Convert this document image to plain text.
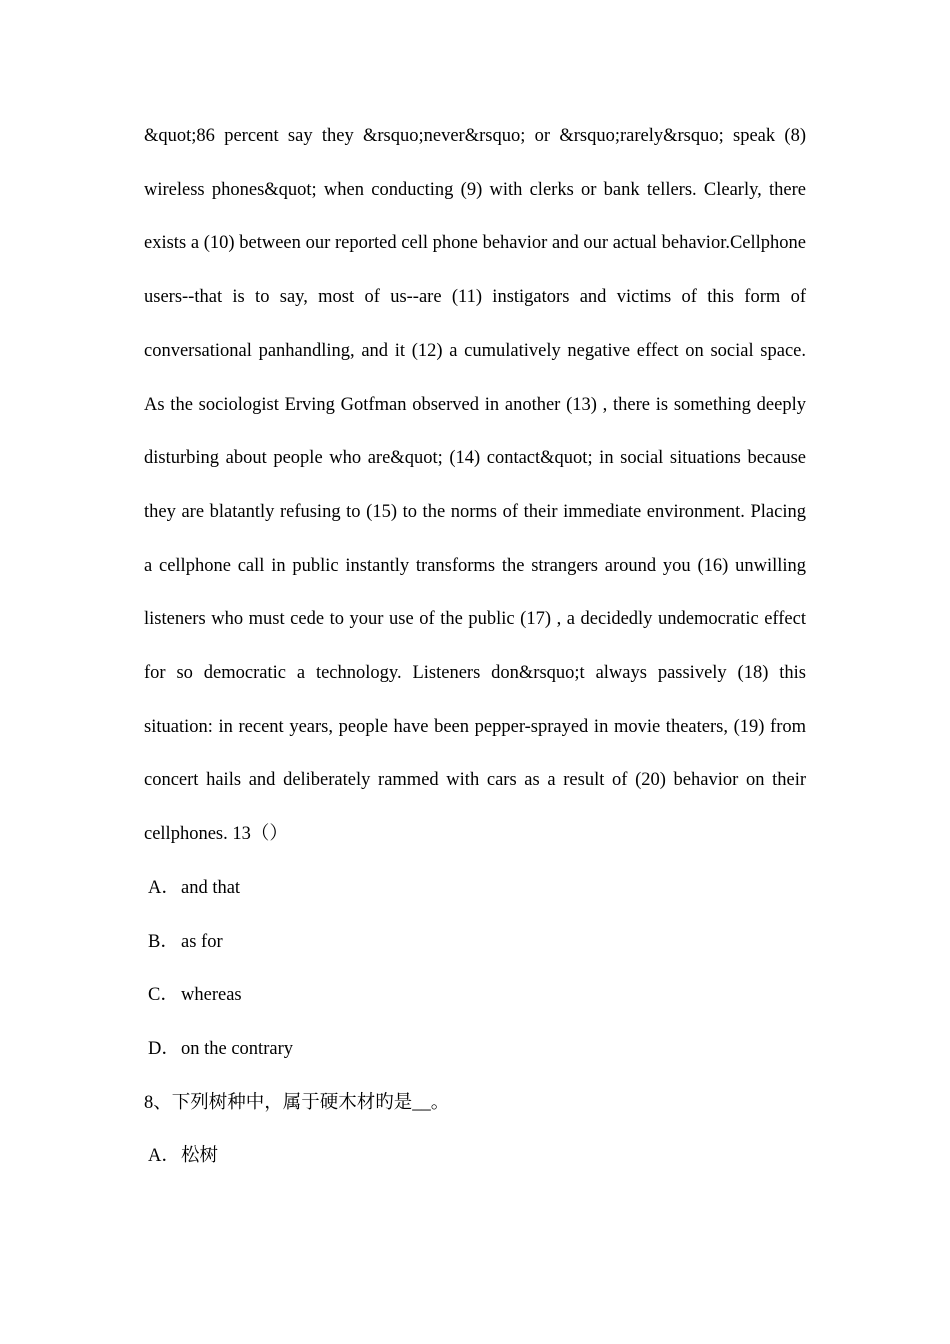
&quot;86 percent say they &rsquo;never&rsquo; or &rsquo;rarely&rsquo; speak (8) wireless phones&quot; when conducting (9) with clerks or bank tellers. Clearly, there exists a (10) between our reported cell phone behavior and our actual behavior.Cellphone users--that is to say, most of us--are (11) instigators and victims of this form of conversational panhandling, and it (12) a cumulatively negative effect on social space. As the sociologist Erving Gotfman observed in another (13) , there is something deeply disturbing about people who are&quot; (14) contact&quot; in social situations because they are blatantly refusing to (15) to the norms of their immediate environment. Placing a cellphone call in public instantly transforms the strangers around you (16) unwilling listeners who must cede to your use of the public (17) , a decidedly undemocratic effect for so democratic a technology. Listeners don&rsquo;t always passively (18) this situation: in recent years, people have been pepper-sprayed in movie theaters, (19) from concert hails and deliberately rammed with cars as a result of (20) behavior on their cellphones. 13（）

A．and that

B． as for

C． whereas

D．on the contrary

8、下列树种中，属于硬木材旳是__。

A．松树
